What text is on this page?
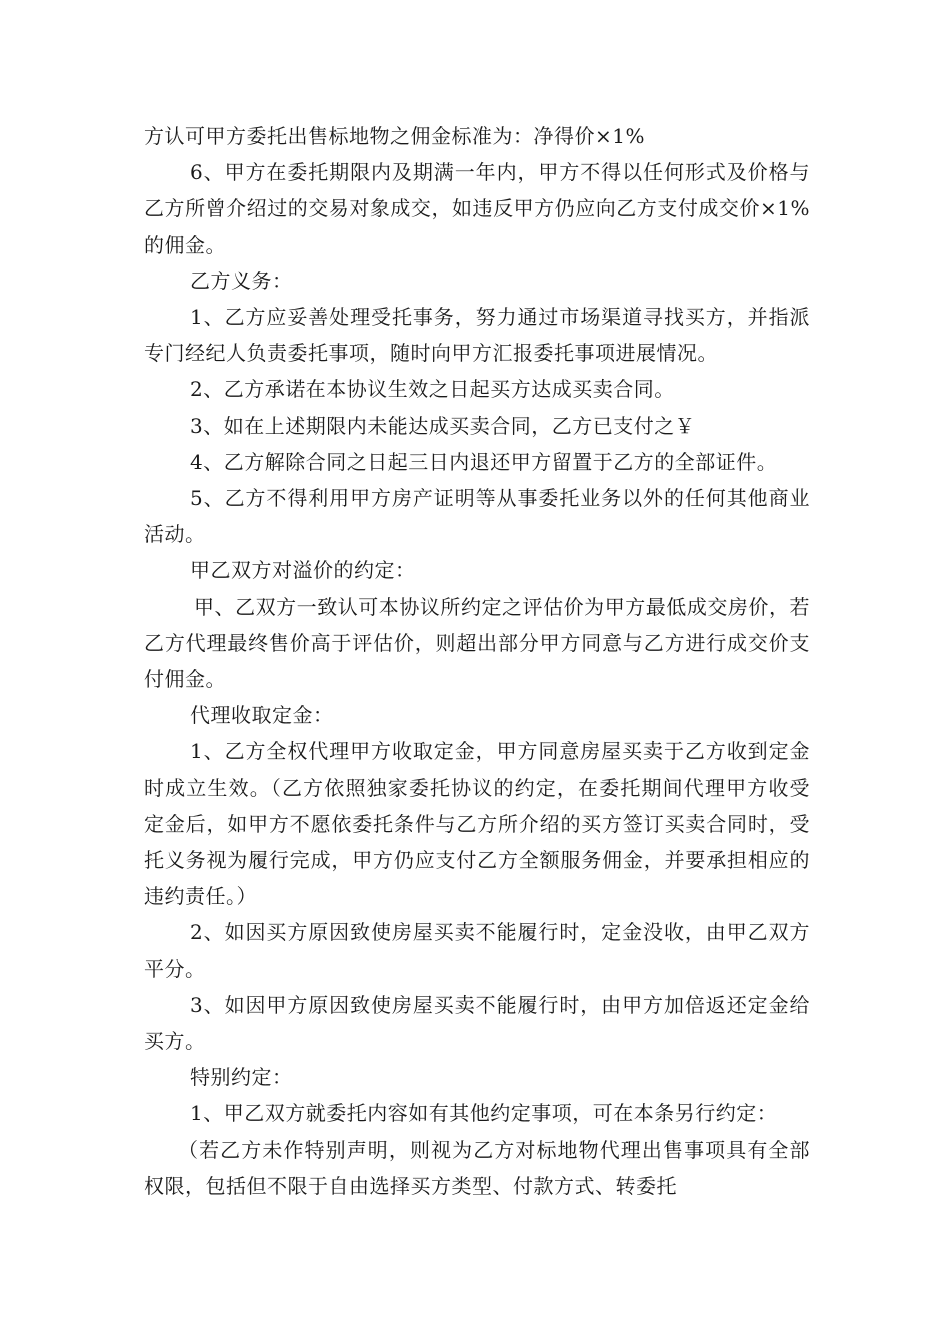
方认可甲方委托出售标地物之佣金标准为：净得价×1%

6、甲方在委托期限内及期满一年内，甲方不得以任何形式及价格与乙方所曾介绍过的交易对象成交，如违反甲方仍应向乙方支付成交价×1%的佣金。

乙方义务：

1、乙方应妥善处理受托事务，努力通过市场渠道寻找买方，并指派专门经纪人负责委托事项，随时向甲方汇报委托事项进展情况。

2、乙方承诺在本协议生效之日起买方达成买卖合同。

3、如在上述期限内未能达成买卖合同，乙方已支付之￥

4、乙方解除合同之日起三日内退还甲方留置于乙方的全部证件。

5、乙方不得利用甲方房产证明等从事委托业务以外的任何其他商业活动。

甲乙双方对溢价的约定：

甲、乙双方一致认可本协议所约定之评估价为甲方最低成交房价，若乙方代理最终售价高于评估价，则超出部分甲方同意与乙方进行成交价支付佣金。

代理收取定金：

1、乙方全权代理甲方收取定金，甲方同意房屋买卖于乙方收到定金时成立生效。（乙方依照独家委托协议的约定，在委托期间代理甲方收受定金后，如甲方不愿依委托条件与乙方所介绍的买方签订买卖合同时，受托义务视为履行完成，甲方仍应支付乙方全额服务佣金，并要承担相应的违约责任。）

2、如因买方原因致使房屋买卖不能履行时，定金没收，由甲乙双方平分。

3、如因甲方原因致使房屋买卖不能履行时，由甲方加倍返还定金给买方。

特别约定：

1、甲乙双方就委托内容如有其他约定事项，可在本条另行约定：

（若乙方未作特别声明，则视为乙方对标地物代理出售事项具有全部权限，包括但不限于自由选择买方类型、付款方式、转委托
